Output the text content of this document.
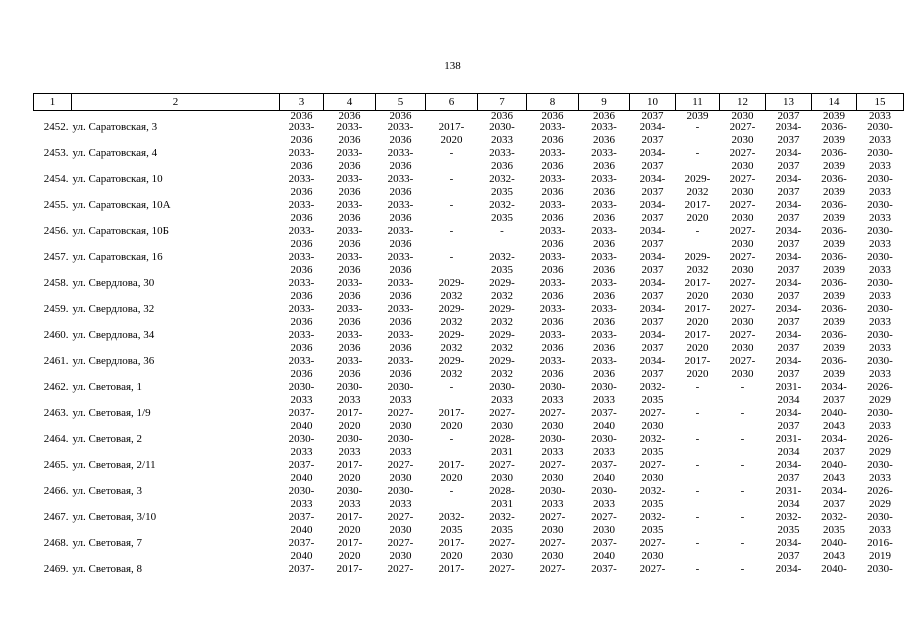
138
1	2	3	4	5	6	7	8	9	10	11	12	13	14	15
		2036	2036	2036		2036	2036	2036	2037	2039	2030	2037	2039	2033
2452.	ул. Саратовская, 3	2033-	2033-	2033-	2017-	2030-	2033-	2033-	2034-	-	2027-	2034-	2036-	2030-
		2036	2036	2036	2020	2033	2036	2036	2037		2030	2037	2039	2033
2453.	ул. Саратовская, 4	2033-	2033-	2033-	-	2033-	2033-	2033-	2034-	-	2027-	2034-	2036-	2030-
		2036	2036	2036		2036	2036	2036	2037		2030	2037	2039	2033
2454.	ул. Саратовская, 10	2033-	2033-	2033-	-	2032-	2033-	2033-	2034-	2029-	2027-	2034-	2036-	2030-
		2036	2036	2036		2035	2036	2036	2037	2032	2030	2037	2039	2033
2455.	ул. Саратовская, 10А	2033-	2033-	2033-	-	2032-	2033-	2033-	2034-	2017-	2027-	2034-	2036-	2030-
		2036	2036	2036		2035	2036	2036	2037	2020	2030	2037	2039	2033
2456.	ул. Саратовская, 10Б	2033-	2033-	2033-	-	-	2033-	2033-	2034-	-	2027-	2034-	2036-	2030-
		2036	2036	2036			2036	2036	2037		2030	2037	2039	2033
2457.	ул. Саратовская, 16	2033-	2033-	2033-	-	2032-	2033-	2033-	2034-	2029-	2027-	2034-	2036-	2030-
		2036	2036	2036		2035	2036	2036	2037	2032	2030	2037	2039	2033
2458.	ул. Свердлова, 30	2033-	2033-	2033-	2029-	2029-	2033-	2033-	2034-	2017-	2027-	2034-	2036-	2030-
		2036	2036	2036	2032	2032	2036	2036	2037	2020	2030	2037	2039	2033
2459.	ул. Свердлова, 32	2033-	2033-	2033-	2029-	2029-	2033-	2033-	2034-	2017-	2027-	2034-	2036-	2030-
		2036	2036	2036	2032	2032	2036	2036	2037	2020	2030	2037	2039	2033
2460.	ул. Свердлова, 34	2033-	2033-	2033-	2029-	2029-	2033-	2033-	2034-	2017-	2027-	2034-	2036-	2030-
		2036	2036	2036	2032	2032	2036	2036	2037	2020	2030	2037	2039	2033
2461.	ул. Свердлова, 36	2033-	2033-	2033-	2029-	2029-	2033-	2033-	2034-	2017-	2027-	2034-	2036-	2030-
		2036	2036	2036	2032	2032	2036	2036	2037	2020	2030	2037	2039	2033
2462.	ул. Световая, 1	2030-	2030-	2030-	-	2030-	2030-	2030-	2032-	-	-	2031-	2034-	2026-
		2033	2033	2033		2033	2033	2033	2035			2034	2037	2029
2463.	ул. Световая, 1/9	2037-	2017-	2027-	2017-	2027-	2027-	2037-	2027-	-	-	2034-	2040-	2030-
		2040	2020	2030	2020	2030	2030	2040	2030			2037	2043	2033
2464.	ул. Световая, 2	2030-	2030-	2030-	-	2028-	2030-	2030-	2032-	-	-	2031-	2034-	2026-
		2033	2033	2033		2031	2033	2033	2035			2034	2037	2029
2465.	ул. Световая, 2/11	2037-	2017-	2027-	2017-	2027-	2027-	2037-	2027-	-	-	2034-	2040-	2030-
		2040	2020	2030	2020	2030	2030	2040	2030			2037	2043	2033
2466.	ул. Световая, 3	2030-	2030-	2030-	-	2028-	2030-	2030-	2032-	-	-	2031-	2034-	2026-
		2033	2033	2033		2031	2033	2033	2035			2034	2037	2029
2467.	ул. Световая, 3/10	2037-	2017-	2027-	2032-	2032-	2027-	2027-	2032-	-	-	2032-	2032-	2030-
		2040	2020	2030	2035	2035	2030	2030	2035			2035	2035	2033
2468.	ул. Световая, 7	2037-	2017-	2027-	2017-	2027-	2027-	2037-	2027-	-	-	2034-	2040-	2016-
		2040	2020	2030	2020	2030	2030	2040	2030			2037	2043	2019
2469.	ул. Световая, 8	2037-	2017-	2027-	2017-	2027-	2027-	2037-	2027-	-	-	2034-	2040-	2030-
